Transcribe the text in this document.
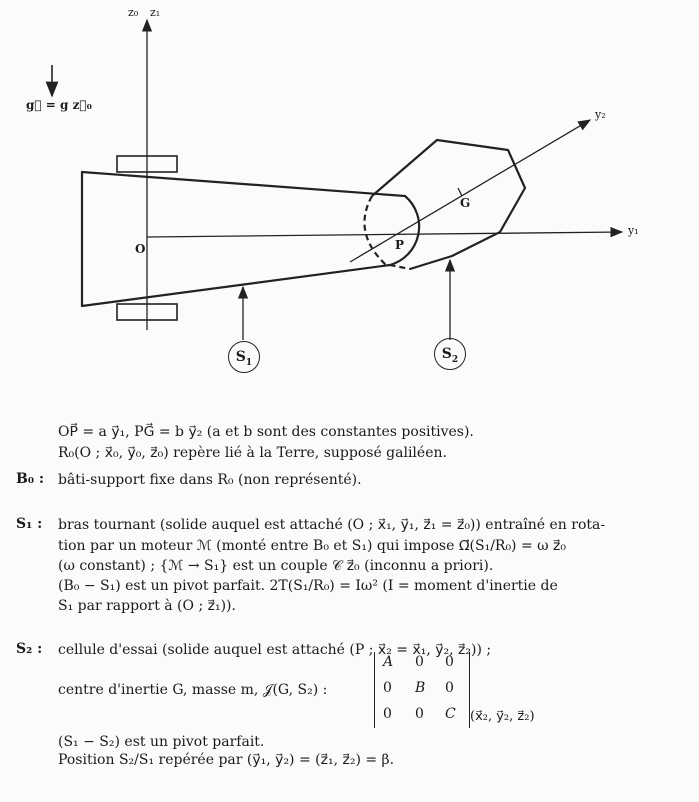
z₀ z₁
y₂
y₁
g⃗ = g z⃗₀
O	P
G
$S_1$
$S_2$
OP⃗ = a y⃗₁, PG⃗ = b y⃗₂ (a et b sont des constantes positives).
R₀(O ; x⃗₀, y⃗₀, z⃗₀) repère lié à la Terre, supposé galiléen.
B₀ : bâti-support fixe dans R₀ (non représenté).
S₁ : bras tournant (solide auquel est attaché (O ; x⃗₁, y⃗₁, z⃗₁ = z⃗₀)) entraîné en rota-
tion par un moteur ℳ (monté entre B₀ et S₁) qui impose Ω⃗(S₁/R₀) = ω z⃗₀
(ω constant) ; {ℳ → S₁} est un couple 𝒞 z⃗₀ (inconnu a priori).
(B₀ − S₁) est un pivot parfait. 2T(S₁/R₀) = Iω² (I = moment d'inertie de
S₁ par rapport à (O ; z⃗₁)).
S₂ : cellule d'essai (solide auquel est attaché (P ; x⃗₂ = x⃗₁, y⃗₂, z⃗₂)) ;
centre d'inertie G, masse m, 𝒥(G, S₂) :
A 0 0
0 B 0
0 0 C (x⃗₂, y⃗₂, z⃗₂)
(S₁ − S₂) est un pivot parfait.
Position S₂/S₁ repérée par (y⃗₁, y⃗₂) = (z⃗₁, z⃗₂) = β.
